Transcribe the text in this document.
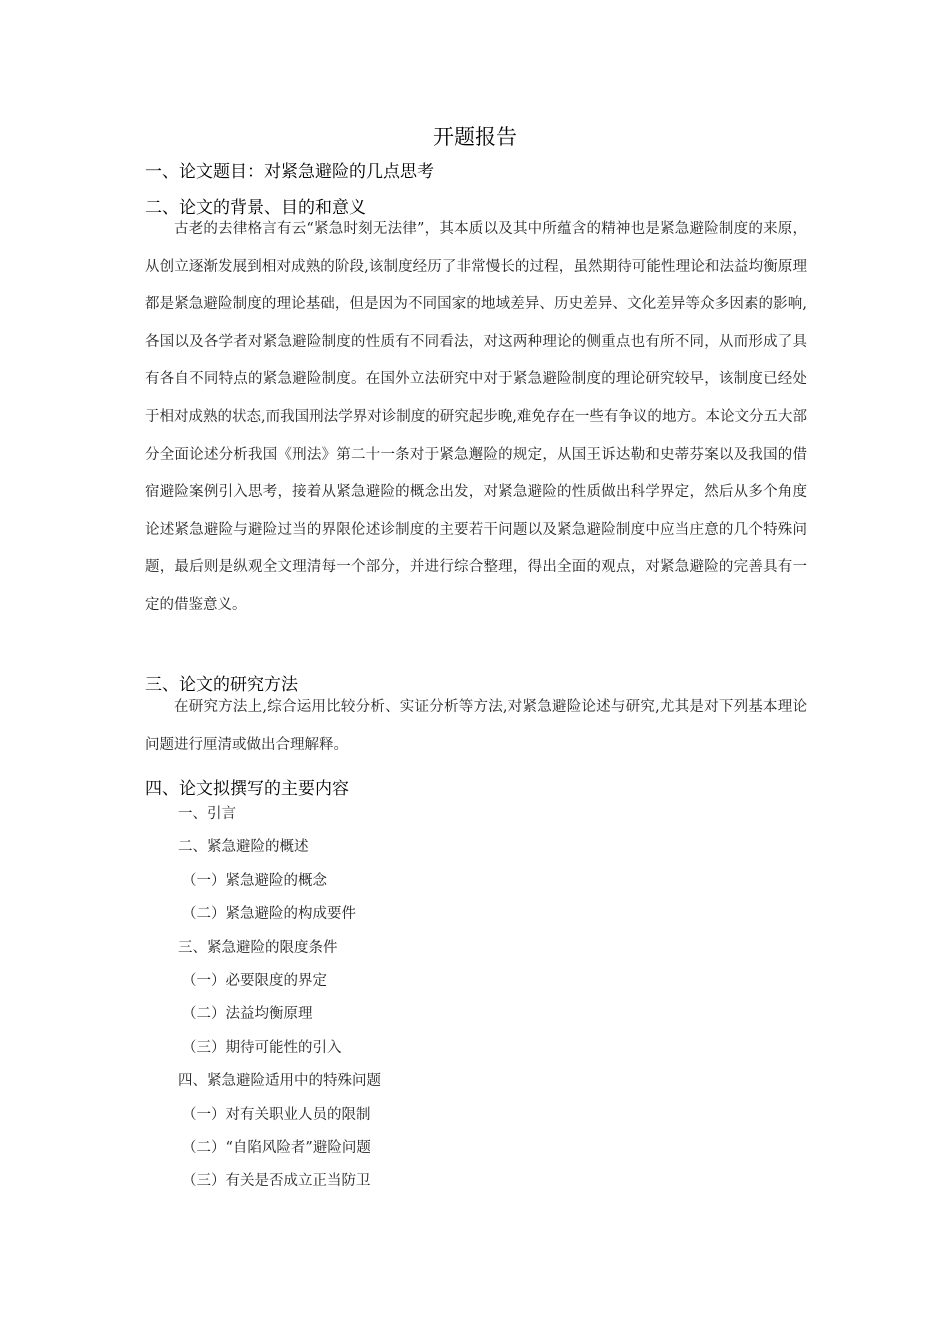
开题报告
一、论文题目：对紧急避险的几点思考
二、论文的背景、目的和意义

古老的去律格言有云“紧急时刻无法律”，其本质以及其中所蕴含的精神也是紧急避险制度的来原，从创立逐渐发展到相对成熟的阶段,该制度经历了非常慢长的过程，虽然期待可能性理论和法益均衡原理都是紧急避险制度的理论基础，但是因为不同国家的地域差异、历史差异、文化差异等众多因素的影响,各国以及各学者对紧急避险制度的性质有不同看法，对这两种理论的侧重点也有所不同，从而形成了具有各自不同特点的紧急避险制度。在国外立法研究中对于紧急避险制度的理论研究较早，该制度已经处于相对成熟的状态,而我国刑法学界对诊制度的研究起步晚,难免存在一些有争议的地方。本论文分五大部分全面论述分析我国《刑法》第二十一条对于紧急邂险的规定，从国王诉达勒和史蒂芬案以及我国的借宿避险案例引入思考，接着从紧急避险的概念出发，对紧急避险的性质做出科学界定，然后从多个角度论述紧急避险与避险过当的界限伦述诊制度的主要若干问题以及紧急避险制度中应当庄意的几个特殊问题，最后则是纵观全文理清每一个部分，并进行综合整理，得出全面的观点，对紧急避险的完善具有一定的借鉴意义。

三、论文的研究方法

在研究方法上,综合运用比较分析、实证分析等方法,对紧急避险论述与研究,尤其是对下列基本理论问题进行厘清或做出合理解释。

四、论文拟撰写的主要内容
一、引言
二、紧急避险的概述
（一）紧急避险的概念
（二）紧急避险的构成要件
三、紧急避险的限度条件
（一）必要限度的界定
（二）法益均衡原理
（三）期待可能性的引入
四、紧急避险适用中的特殊问题
（一）对有关职业人员的限制
（二）“自陷风险者”避险问题
（三）有关是否成立正当防卫
